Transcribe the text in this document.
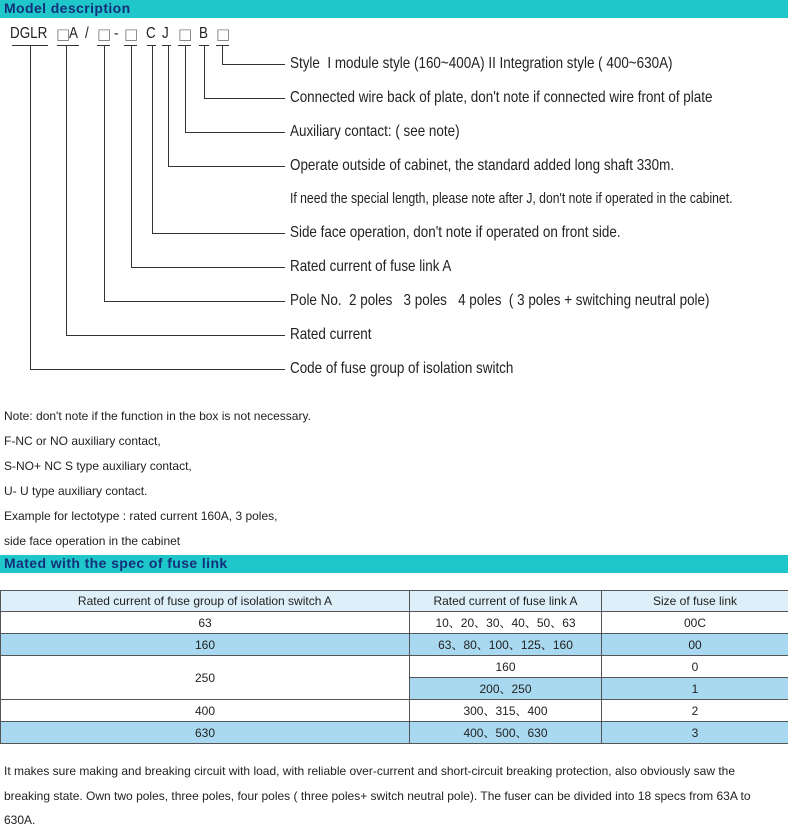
Model description
DGLR □
A / □ - □ C J □ B □
Style  I module style (160~400A) II Integration style ( 400~630A)
Connected wire back of plate, don't note if connected wire front of plate
Auxiliary contact: ( see note)
Operate outside of cabinet, the standard added long shaft 330m.
If need the special length, please note after J, don't note if operated in the cabinet.
Side face operation, don't note if operated on front side.
Rated current of fuse link A
Pole No.  2 poles   3 poles   4 poles  ( 3 poles + switching neutral pole)
Rated current
Code of fuse group of isolation switch
Note: don't note if the function in the box is not necessary.
F-NC or NO auxiliary contact,
S-NO+ NC S type auxiliary contact,
U- U type auxiliary contact.
Example for lectotype : rated current 160A, 3 poles,
side face operation in the cabinet
Mated with the spec of fuse link
Rated current of fuse group of isolation switch A	Rated current of fuse link A	Size of fuse link
63	10、20、30、40、50、63	00C
160	63、80、100、125、160	00
250	160	0
	200、250	1
400	300、315、400	2
630	400、500、630	3

It makes sure making and breaking circuit with load, with reliable over-current and short-circuit breaking protection, also obviously saw the breaking state. Own two poles, three poles, four poles ( three poles+ switch neutral pole). The fuser can be divided into 18 specs from 63A to 630A.
